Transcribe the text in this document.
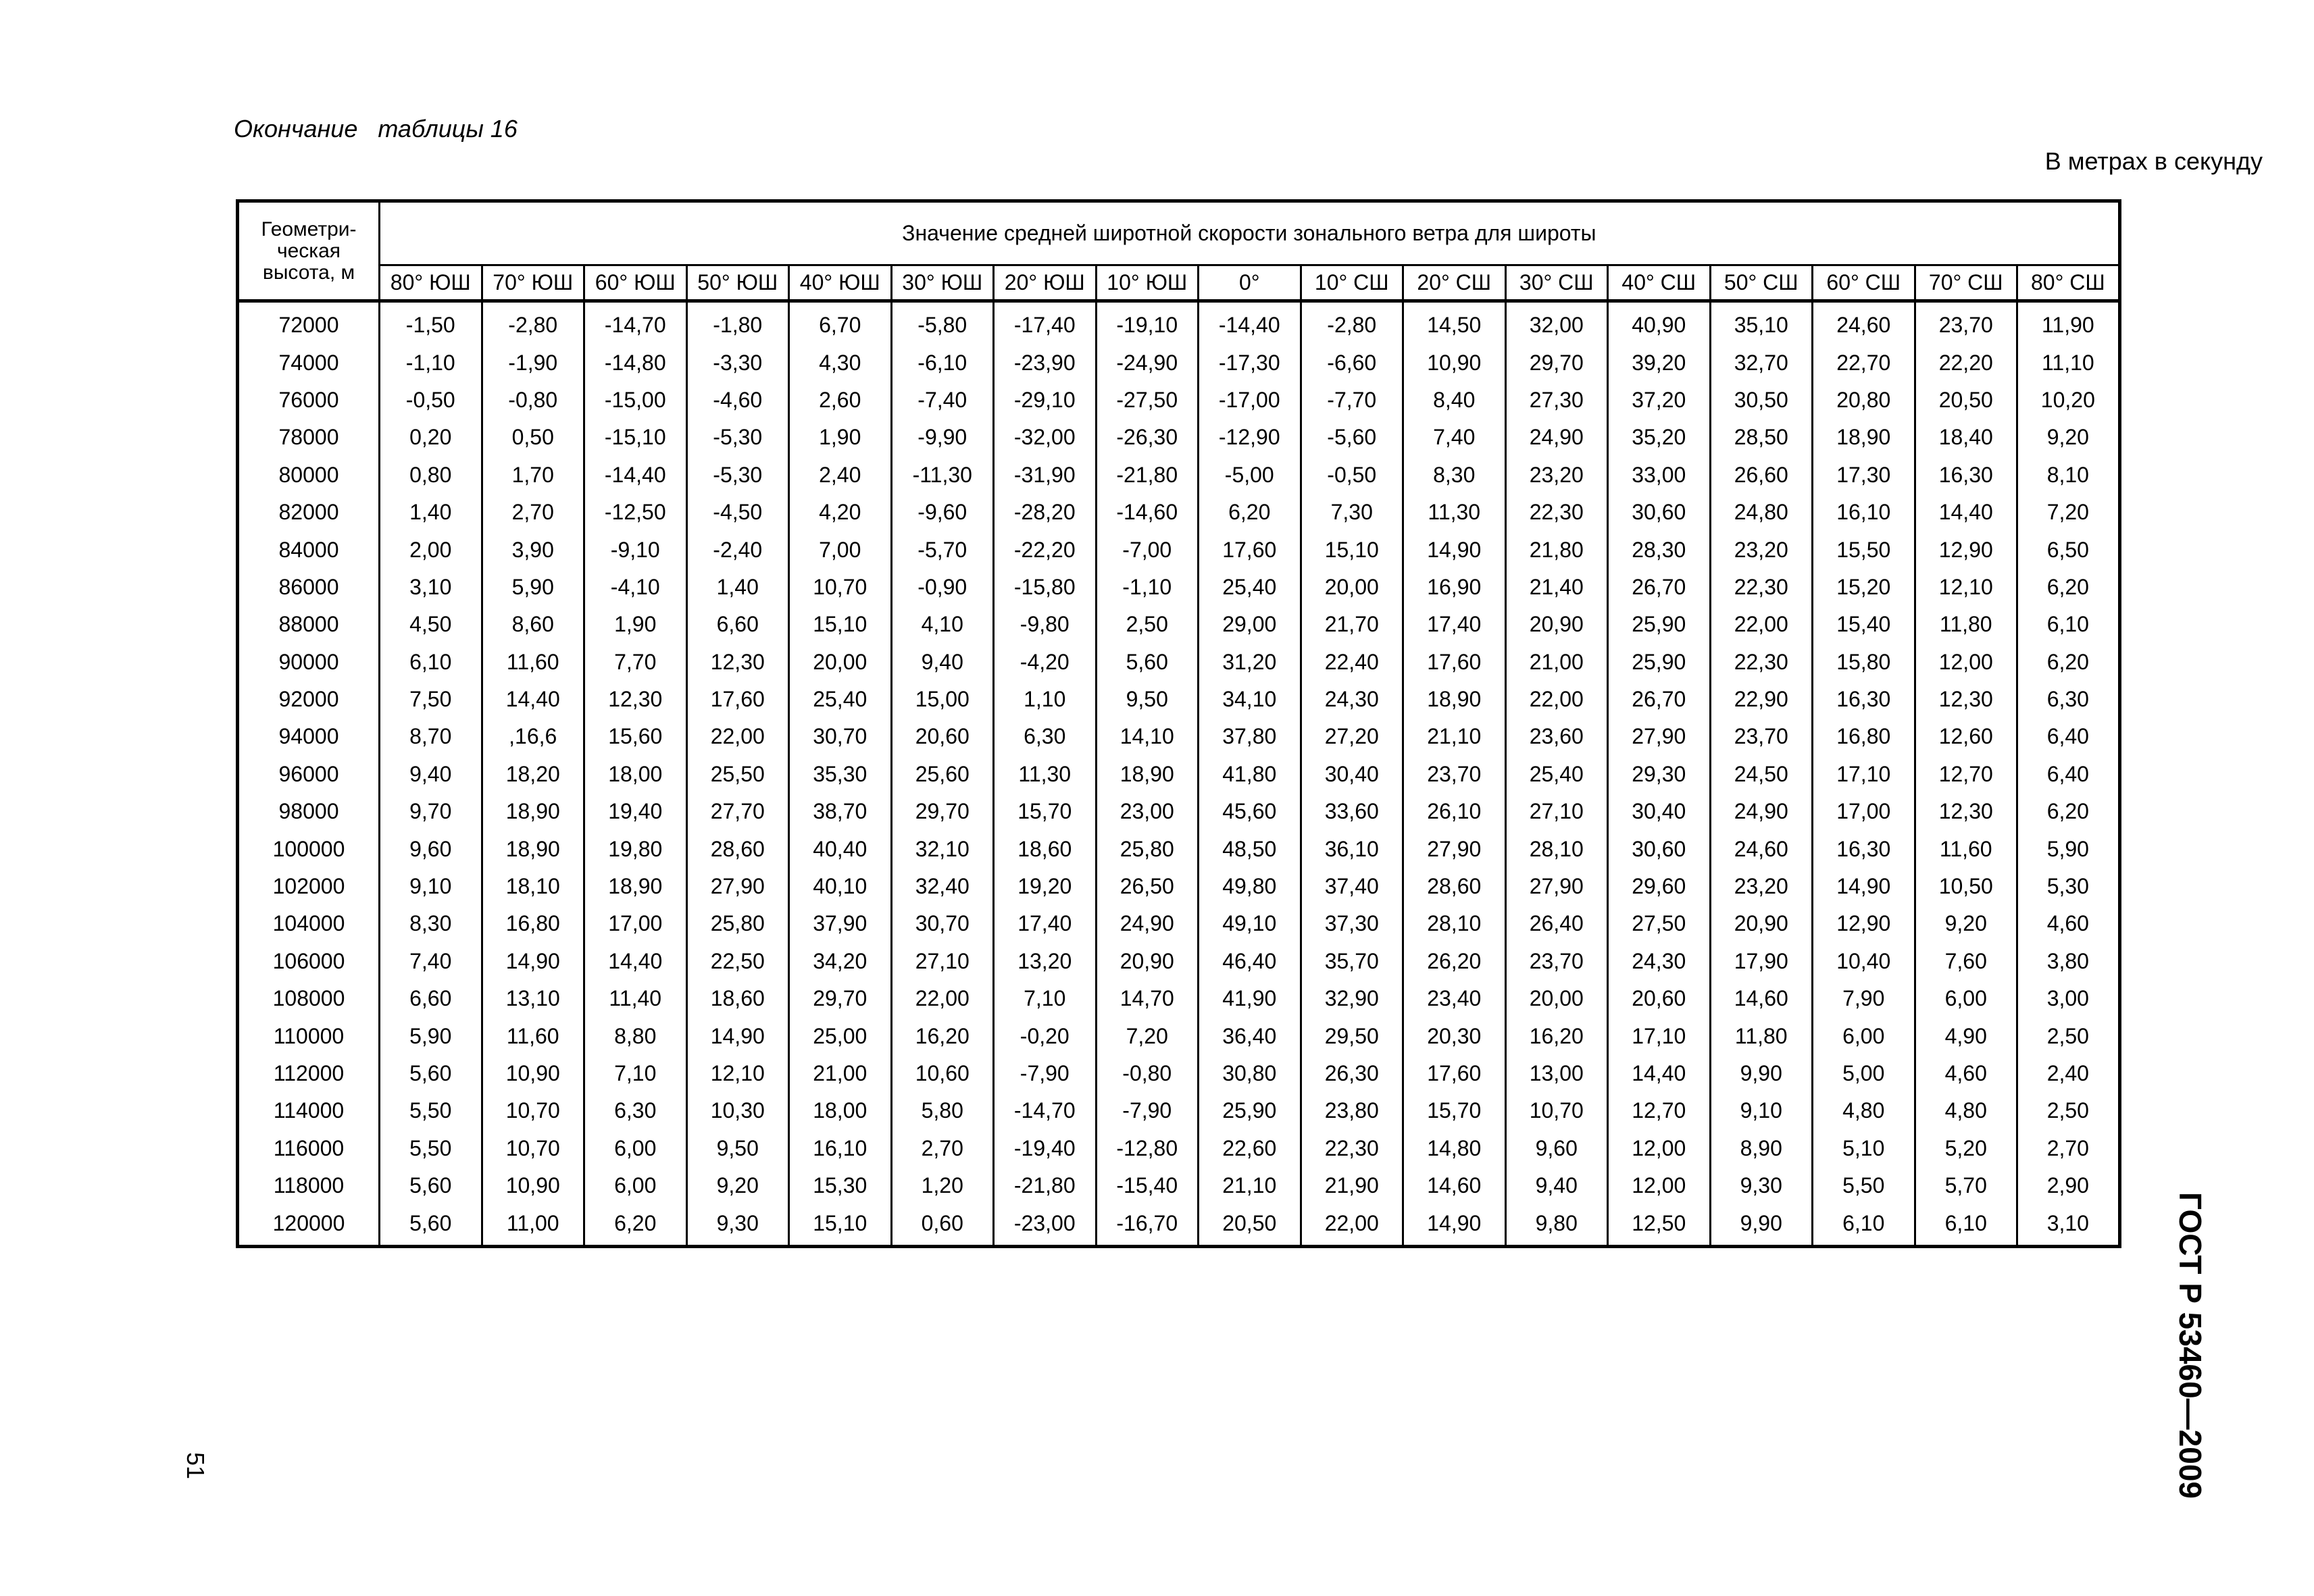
Окончание   таблицы 16
В метрах в секунду
Геометри-
ческая
высота, м	Значение средней широтной скорости зонального ветра для широты																
	80° ЮШ	70° ЮШ	60° ЮШ	50° ЮШ	40° ЮШ	30° ЮШ	20° ЮШ	10° ЮШ	0°	10° СШ	20° СШ	30° СШ	40° СШ	50° СШ	60° СШ	70° СШ	80° СШ
72000	-1,50	-2,80	-14,70	-1,80	6,70	-5,80	-17,40	-19,10	-14,40	-2,80	14,50	32,00	40,90	35,10	24,60	23,70	11,90
74000	-1,10	-1,90	-14,80	-3,30	4,30	-6,10	-23,90	-24,90	-17,30	-6,60	10,90	29,70	39,20	32,70	22,70	22,20	11,10
76000	-0,50	-0,80	-15,00	-4,60	2,60	-7,40	-29,10	-27,50	-17,00	-7,70	8,40	27,30	37,20	30,50	20,80	20,50	10,20
78000	0,20	0,50	-15,10	-5,30	1,90	-9,90	-32,00	-26,30	-12,90	-5,60	7,40	24,90	35,20	28,50	18,90	18,40	9,20
80000	0,80	1,70	-14,40	-5,30	2,40	-11,30	-31,90	-21,80	-5,00	-0,50	8,30	23,20	33,00	26,60	17,30	16,30	8,10
82000	1,40	2,70	-12,50	-4,50	4,20	-9,60	-28,20	-14,60	6,20	7,30	11,30	22,30	30,60	24,80	16,10	14,40	7,20
84000	2,00	3,90	-9,10	-2,40	7,00	-5,70	-22,20	-7,00	17,60	15,10	14,90	21,80	28,30	23,20	15,50	12,90	6,50
86000	3,10	5,90	-4,10	1,40	10,70	-0,90	-15,80	-1,10	25,40	20,00	16,90	21,40	26,70	22,30	15,20	12,10	6,20
88000	4,50	8,60	1,90	6,60	15,10	4,10	-9,80	2,50	29,00	21,70	17,40	20,90	25,90	22,00	15,40	11,80	6,10
90000	6,10	11,60	7,70	12,30	20,00	9,40	-4,20	5,60	31,20	22,40	17,60	21,00	25,90	22,30	15,80	12,00	6,20
92000	7,50	14,40	12,30	17,60	25,40	15,00	1,10	9,50	34,10	24,30	18,90	22,00	26,70	22,90	16,30	12,30	6,30
94000	8,70	,16,6	15,60	22,00	30,70	20,60	6,30	14,10	37,80	27,20	21,10	23,60	27,90	23,70	16,80	12,60	6,40
96000	9,40	18,20	18,00	25,50	35,30	25,60	11,30	18,90	41,80	30,40	23,70	25,40	29,30	24,50	17,10	12,70	6,40
98000	9,70	18,90	19,40	27,70	38,70	29,70	15,70	23,00	45,60	33,60	26,10	27,10	30,40	24,90	17,00	12,30	6,20
100000	9,60	18,90	19,80	28,60	40,40	32,10	18,60	25,80	48,50	36,10	27,90	28,10	30,60	24,60	16,30	11,60	5,90
102000	9,10	18,10	18,90	27,90	40,10	32,40	19,20	26,50	49,80	37,40	28,60	27,90	29,60	23,20	14,90	10,50	5,30
104000	8,30	16,80	17,00	25,80	37,90	30,70	17,40	24,90	49,10	37,30	28,10	26,40	27,50	20,90	12,90	9,20	4,60
106000	7,40	14,90	14,40	22,50	34,20	27,10	13,20	20,90	46,40	35,70	26,20	23,70	24,30	17,90	10,40	7,60	3,80
108000	6,60	13,10	11,40	18,60	29,70	22,00	7,10	14,70	41,90	32,90	23,40	20,00	20,60	14,60	7,90	6,00	3,00
110000	5,90	11,60	8,80	14,90	25,00	16,20	-0,20	7,20	36,40	29,50	20,30	16,20	17,10	11,80	6,00	4,90	2,50
112000	5,60	10,90	7,10	12,10	21,00	10,60	-7,90	-0,80	30,80	26,30	17,60	13,00	14,40	9,90	5,00	4,60	2,40
114000	5,50	10,70	6,30	10,30	18,00	5,80	-14,70	-7,90	25,90	23,80	15,70	10,70	12,70	9,10	4,80	4,80	2,50
116000	5,50	10,70	6,00	9,50	16,10	2,70	-19,40	-12,80	22,60	22,30	14,80	9,60	12,00	8,90	5,10	5,20	2,70
118000	5,60	10,90	6,00	9,20	15,30	1,20	-21,80	-15,40	21,10	21,90	14,60	9,40	12,00	9,30	5,50	5,70	2,90
120000	5,60	11,00	6,20	9,30	15,10	0,60	-23,00	-16,70	20,50	22,00	14,90	9,80	12,50	9,90	6,10	6,10	3,10	ГОСТ Р 53460—2009
51
